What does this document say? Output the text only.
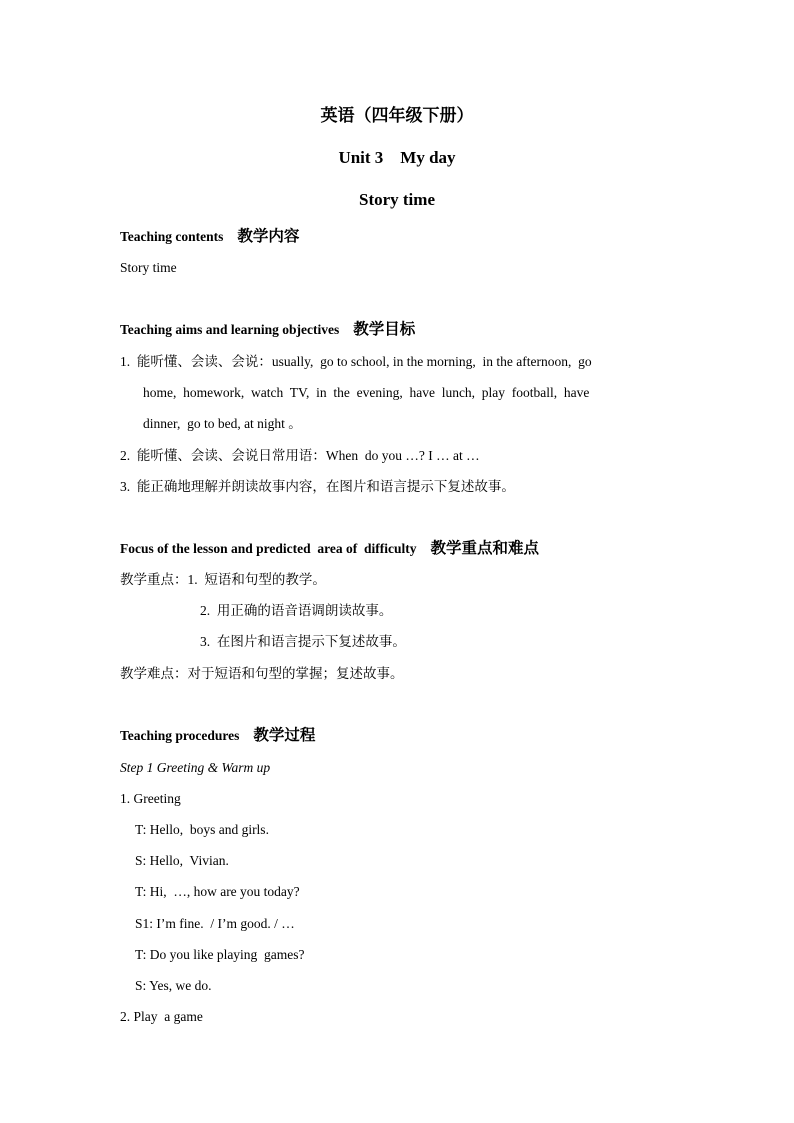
英语（四年级下册）
Unit 3    My day
Story time
Teaching contents 教学内容
Story time
Teaching aims and learning objectives 教学目标
1.  能听懂、会读、会说：usually,  go to school, in the morning,  in the afternoon,  go
home,  homework,  watch  TV,  in  the  evening,  have  lunch,  play  football,  have
dinner,  go to bed, at night 。
2.  能听懂、会读、会说日常用语：When  do you …? I … at …
3.  能正确地理解并朗读故事内容，在图片和语言提示下复述故事。
Focus of the lesson and predicted  area of  difficulty 教学重点和难点
教学重点：1.  短语和句型的教学。
2.  用正确的语音语调朗读故事。
3.  在图片和语言提示下复述故事。
教学难点：对于短语和句型的掌握；复述故事。
Teaching procedures 教学过程
Step 1 Greeting & Warm up
1. Greeting
T: Hello,  boys and girls.
S: Hello,  Vivian.
T: Hi,  …, how are you today?
S1: I’m fine.  / I’m good. / …
T: Do you like playing  games?
S: Yes, we do.
2. Play  a game
